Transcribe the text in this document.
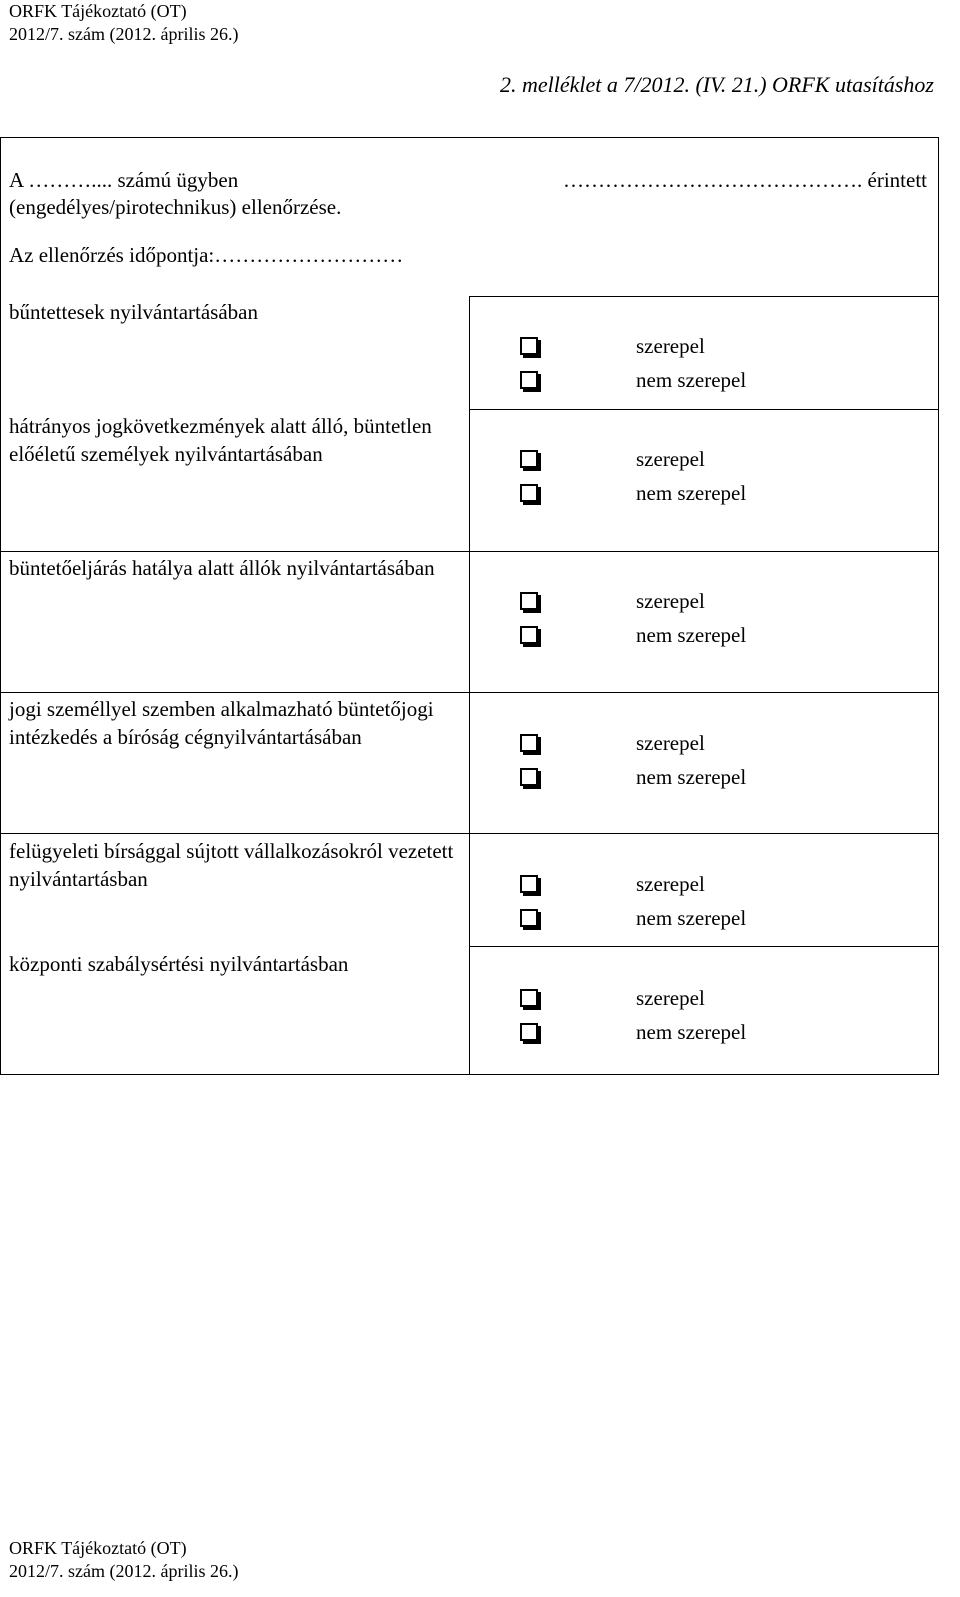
ORFK Tájékoztató (OT)
2012/7. szám (2012. április 26.)
2. melléklet a 7/2012. (IV. 21.) ORFK utasításhoz
A ……….... számú ügyben	……………………………………. érintett
(engedélyes/pirotechnikus) ellenőrzése.
Az ellenőrzés időpontja:………………………
bűntettesek nyilvántartásában
szerepel
nem szerepel
hátrányos jogkövetkezmények alatt álló, büntetlen előéletű személyek nyilvántartásában	szerepel
nem szerepel
büntetőeljárás hatálya alatt állók nyilvántartásában
szerepel
nem szerepel
jogi személlyel szemben alkalmazható büntetőjogi intézkedés a bíróság cégnyilvántartásában	szerepel
nem szerepel
felügyeleti bírsággal sújtott vállalkozásokról vezetett nyilvántartásban	szerepel
nem szerepel
központi szabálysértési nyilvántartásban
szerepel
nem szerepel
ORFK Tájékoztató (OT)
2012/7. szám (2012. április 26.)
